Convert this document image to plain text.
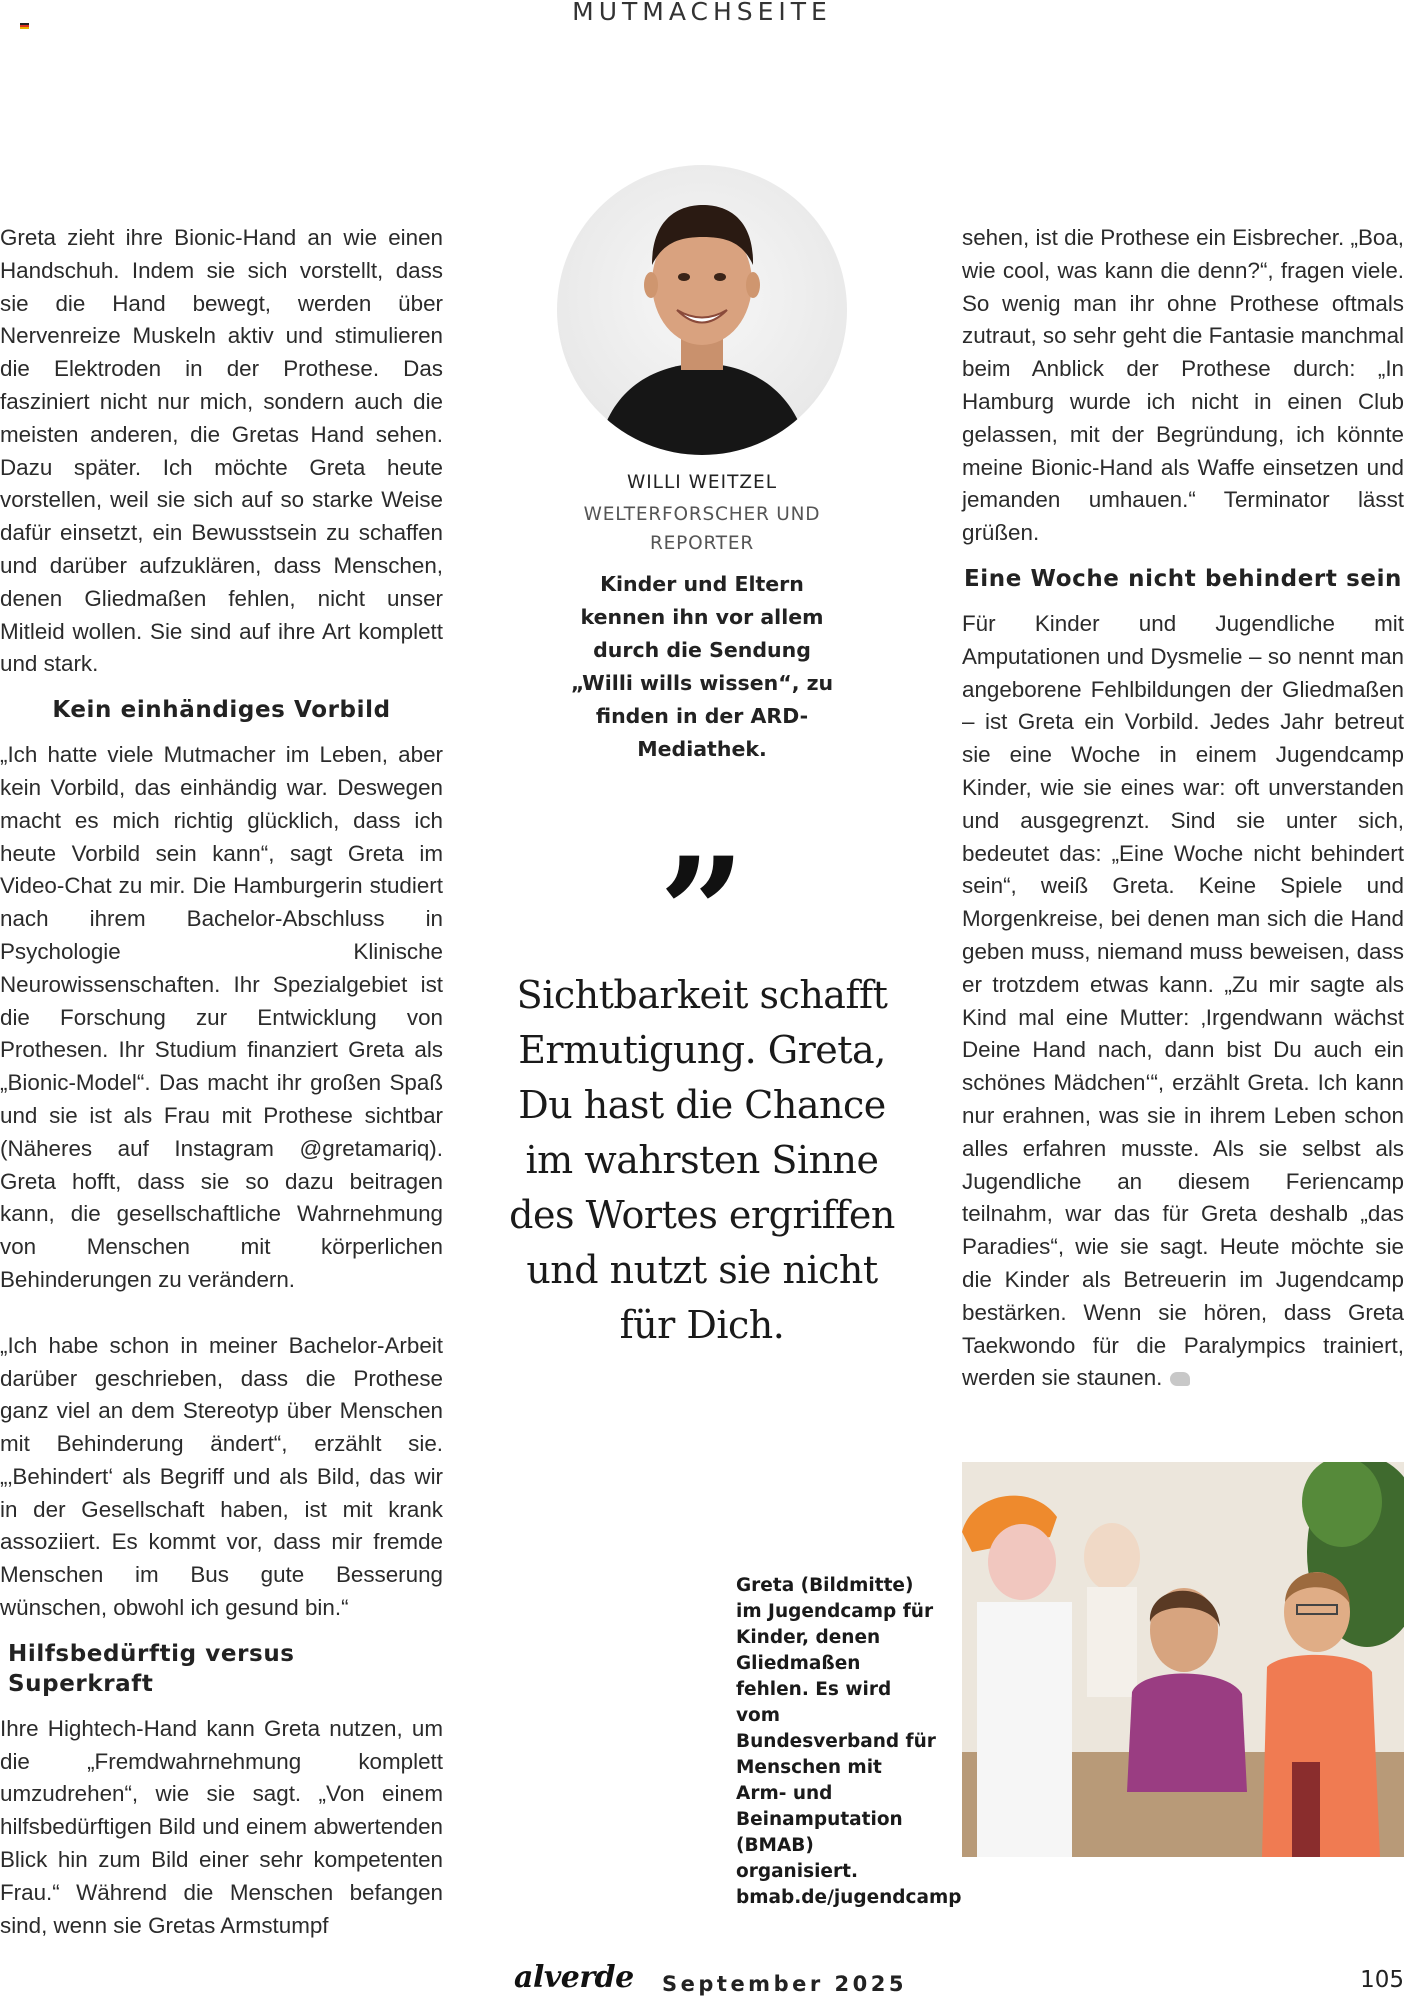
MUTMACHSEITE

Greta zieht ihre Bionic-Hand an wie einen Handschuh. Indem sie sich vorstellt, dass sie die Hand bewegt, werden über Nervenreize Muskeln aktiv und stimulieren die Elektroden in der Prothese. Das fasziniert nicht nur mich, sondern auch die meisten anderen, die Gretas Hand sehen. Dazu später. Ich möchte Greta heute vorstellen, weil sie sich auf so starke Weise dafür einsetzt, ein Bewusstsein zu schaffen und darüber aufzuklären, dass Menschen, denen Gliedmaßen fehlen, nicht unser Mitleid wollen. Sie sind auf ihre Art komplett und stark.

Kein einhändiges Vorbild

„Ich hatte viele Mutmacher im Leben, aber kein Vorbild, das einhändig war. Deswegen macht es mich richtig glücklich, dass ich heute Vorbild sein kann“, sagt Greta im Video-Chat zu mir. Die Hamburgerin studiert nach ihrem Bachelor-Abschluss in Psychologie Klinische Neurowissenschaften. Ihr Spezialgebiet ist die Forschung zur Entwicklung von Prothesen. Ihr Studium finanziert Greta als „Bionic-Model“. Das macht ihr großen Spaß und sie ist als Frau mit Prothese sichtbar (Näheres auf Instagram @gretamariq). Greta hofft, dass sie so dazu beitragen kann, die gesellschaftliche Wahrnehmung von Menschen mit körperlichen Behinderungen zu verändern.

„Ich habe schon in meiner Bachelor-Arbeit darüber geschrieben, dass die Prothese ganz viel an dem Stereotyp über Menschen mit Behinderung ändert“, erzählt sie. „‚Behindert‘ als Begriff und als Bild, das wir in der Gesellschaft haben, ist mit krank assoziiert. Es kommt vor, dass mir fremde Menschen im Bus gute Besserung wünschen, obwohl ich gesund bin.“

Hilfsbedürftig versus Superkraft

Ihre Hightech-Hand kann Greta nutzen, um die „Fremdwahrnehmung komplett umzudrehen“, wie sie sagt. „Von einem hilfsbedürftigen Bild und einem abwertenden Blick hin zum Bild einer sehr kompetenten Frau.“ Während die Menschen befangen sind, wenn sie Gretas Armstumpf

WILLI WEITZEL
WELTERFORSCHER UND
REPORTER
Kinder und Eltern kennen ihn vor allem durch die Sendung „Willi wills wissen“, zu finden in der ARD-Mediathek.
”
Sichtbarkeit schafft Ermutigung. Greta, Du hast die Chance im wahrsten Sinne des Wortes ergriffen und nutzt sie nicht für Dich.
Greta (Bildmitte) im Jugendcamp für Kinder, denen Gliedmaßen fehlen. Es wird vom Bundesverband für Menschen mit Arm- und Beinamputation (BMAB) organisiert. bmab.de/jugendcamp

sehen, ist die Prothese ein Eisbrecher. „Boa, wie cool, was kann die denn?“, fragen viele. So wenig man ihr ohne Prothese oftmals zutraut, so sehr geht die Fantasie manchmal beim Anblick der Prothese durch: „In Hamburg wurde ich nicht in einen Club gelassen, mit der Begründung, ich könnte meine Bionic-Hand als Waffe einsetzen und jemanden umhauen.“ Terminator lässt grüßen.

Eine Woche nicht behindert sein

Für Kinder und Jugendliche mit Amputationen und Dysmelie – so nennt man angeborene Fehlbildungen der Gliedmaßen – ist Greta ein Vorbild. Jedes Jahr betreut sie eine Woche in einem Jugendcamp Kinder, wie sie eines war: oft unverstanden und ausgegrenzt. Sind sie unter sich, bedeutet das: „Eine Woche nicht behindert sein“, weiß Greta. Keine Spiele und Morgenkreise, bei denen man sich die Hand geben muss, niemand muss beweisen, dass er trotzdem etwas kann. „Zu mir sagte als Kind mal eine Mutter: ‚Irgendwann wächst Deine Hand nach, dann bist Du auch ein schönes Mädchen‘“, erzählt Greta. Ich kann nur erahnen, was sie in ihrem Leben schon alles erfahren musste. Als sie selbst als Jugendliche an diesem Feriencamp teilnahm, war das für Greta deshalb „das Paradies“, wie sie sagt. Heute möchte sie die Kinder als Betreuerin im Jugendcamp bestärken. Wenn sie hören, dass Greta Taekwondo für die Paralympics trainiert, werden sie staunen.

alverde September 2025	105
